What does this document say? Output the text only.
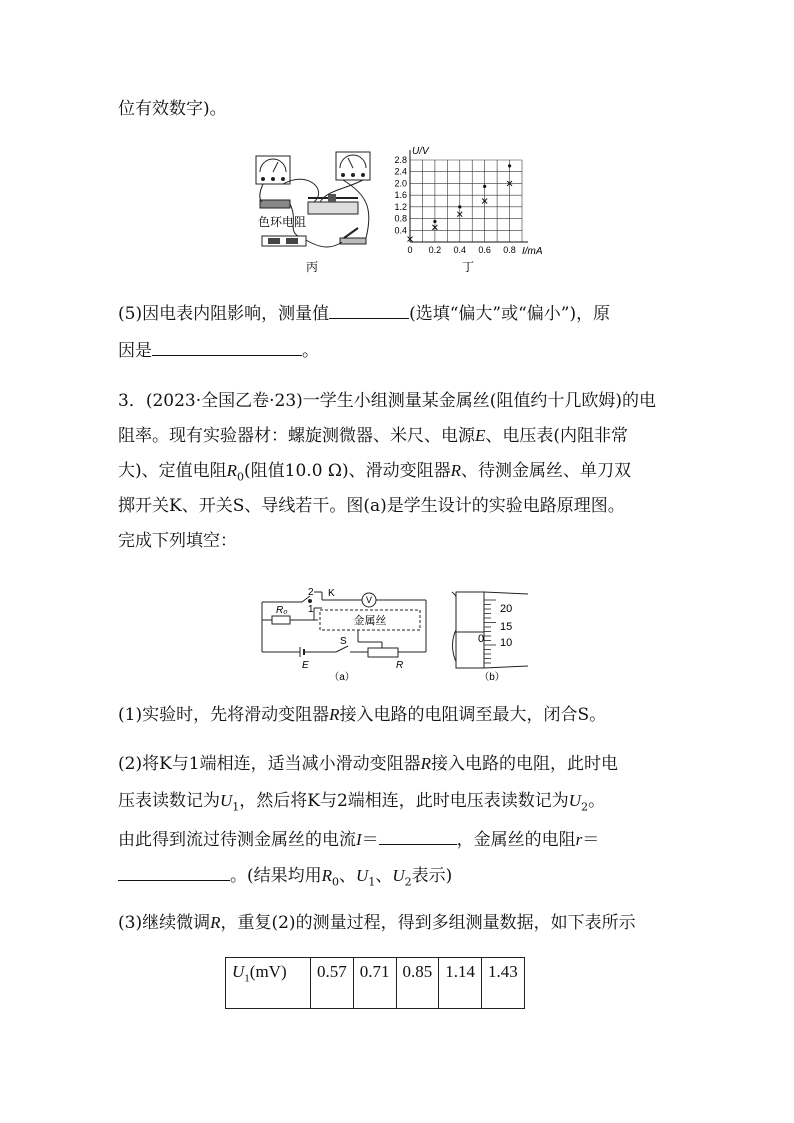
位有效数字)。
色环电阻
丙
0.4
0.8
1.2
1.6
2.0
2.4
2.8
0 0.2 0.4 0.6 0.8
U/V
I/mA
丁
(5)因电表内阻影响，测量值	(选填“偏大”或“偏小”)，原
因是	。
3．(2023·全国乙卷·23)一学生小组测量某金属丝(阻值约十几欧姆)的电
阻率。现有实验器材：螺旋测微器、米尺、电源E、电压表(内阻非常
大)、定值电阻$R_0$(阻值10.0 Ω)、滑动变阻器R、待测金属丝、单刀双
掷开关K、开关S、导线若干。图(a)是学生设计的实验电路原理图。
完成下列填空：
V
2 K
1
金属丝
R₀
E
S
R
（a）
20
15
10
0
（b）
(1)实验时，先将滑动变阻器R接入电路的电阻调至最大，闭合S。
(2)将K与1端相连，适当减小滑动变阻器R接入电路的电阻，此时电
压表读数记为$U_1$，然后将K与2端相连，此时电压表读数记为$U_2$。
由此得到流过待测金属丝的电流I＝	，金属丝的电阻r＝
。(结果均用$R_0$、$U_1$、$U_2$表示)
(3)继续微调R，重复(2)的测量过程，得到多组测量数据，如下表所示
$U_1(mV)$	0.57	0.71	0.85	1.14	1.43
